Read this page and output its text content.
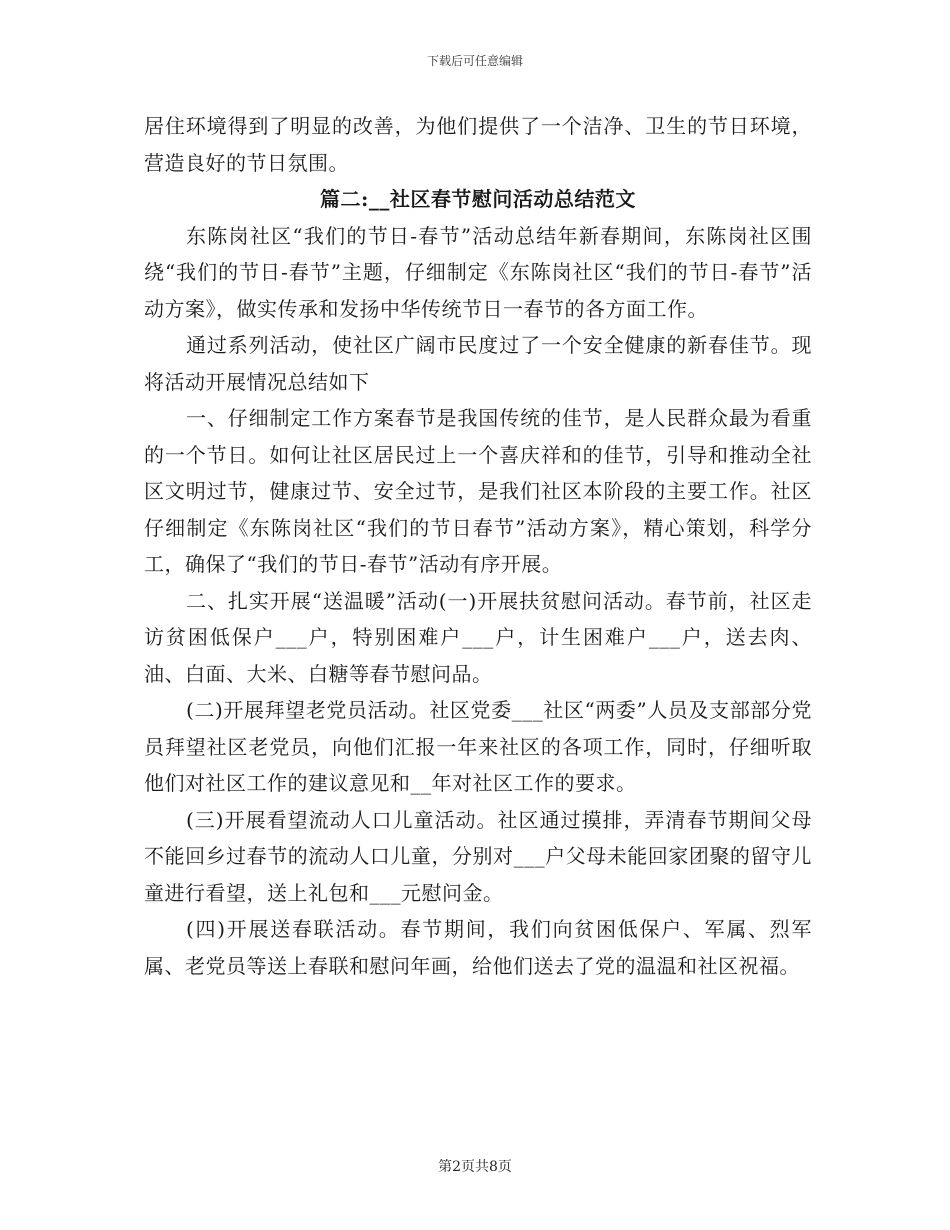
下载后可任意编辑

居住环境得到了明显的改善，为他们提供了一个洁净、卫生的节日环境，营造良好的节日氛围。

篇二:__社区春节慰问活动总结范文

东陈岗社区“我们的节日-春节”活动总结年新春期间，东陈岗社区围绕“我们的节日-春节”主题，仔细制定《东陈岗社区“我们的节日-春节”活动方案》，做实传承和发扬中华传统节日一春节的各方面工作。

通过系列活动，使社区广阔市民度过了一个安全健康的新春佳节。现将活动开展情况总结如下

一、仔细制定工作方案春节是我国传统的佳节，是人民群众最为看重的一个节日。如何让社区居民过上一个喜庆祥和的佳节，引导和推动全社区文明过节，健康过节、安全过节，是我们社区本阶段的主要工作。社区仔细制定《东陈岗社区“我们的节日春节”活动方案》，精心策划，科学分工，确保了“我们的节日-春节”活动有序开展。

二、扎实开展“送温暖”活动(一)开展扶贫慰问活动。春节前，社区走访贫困低保户___户，特别困难户___户，计生困难户___户，送去肉、油、白面、大米、白糖等春节慰问品。

(二)开展拜望老党员活动。社区党委___社区“两委”人员及支部部分党员拜望社区老党员，向他们汇报一年来社区的各项工作，同时，仔细听取他们对社区工作的建议意见和__年对社区工作的要求。

(三)开展看望流动人口儿童活动。社区通过摸排，弄清春节期间父母不能回乡过春节的流动人口儿童，分别对___户父母未能回家团聚的留守儿童进行看望，送上礼包和___元慰问金。

(四)开展送春联活动。春节期间，我们向贫困低保户、军属、烈军属、老党员等送上春联和慰问年画，给他们送去了党的温温和社区祝福。

第2页共8页
